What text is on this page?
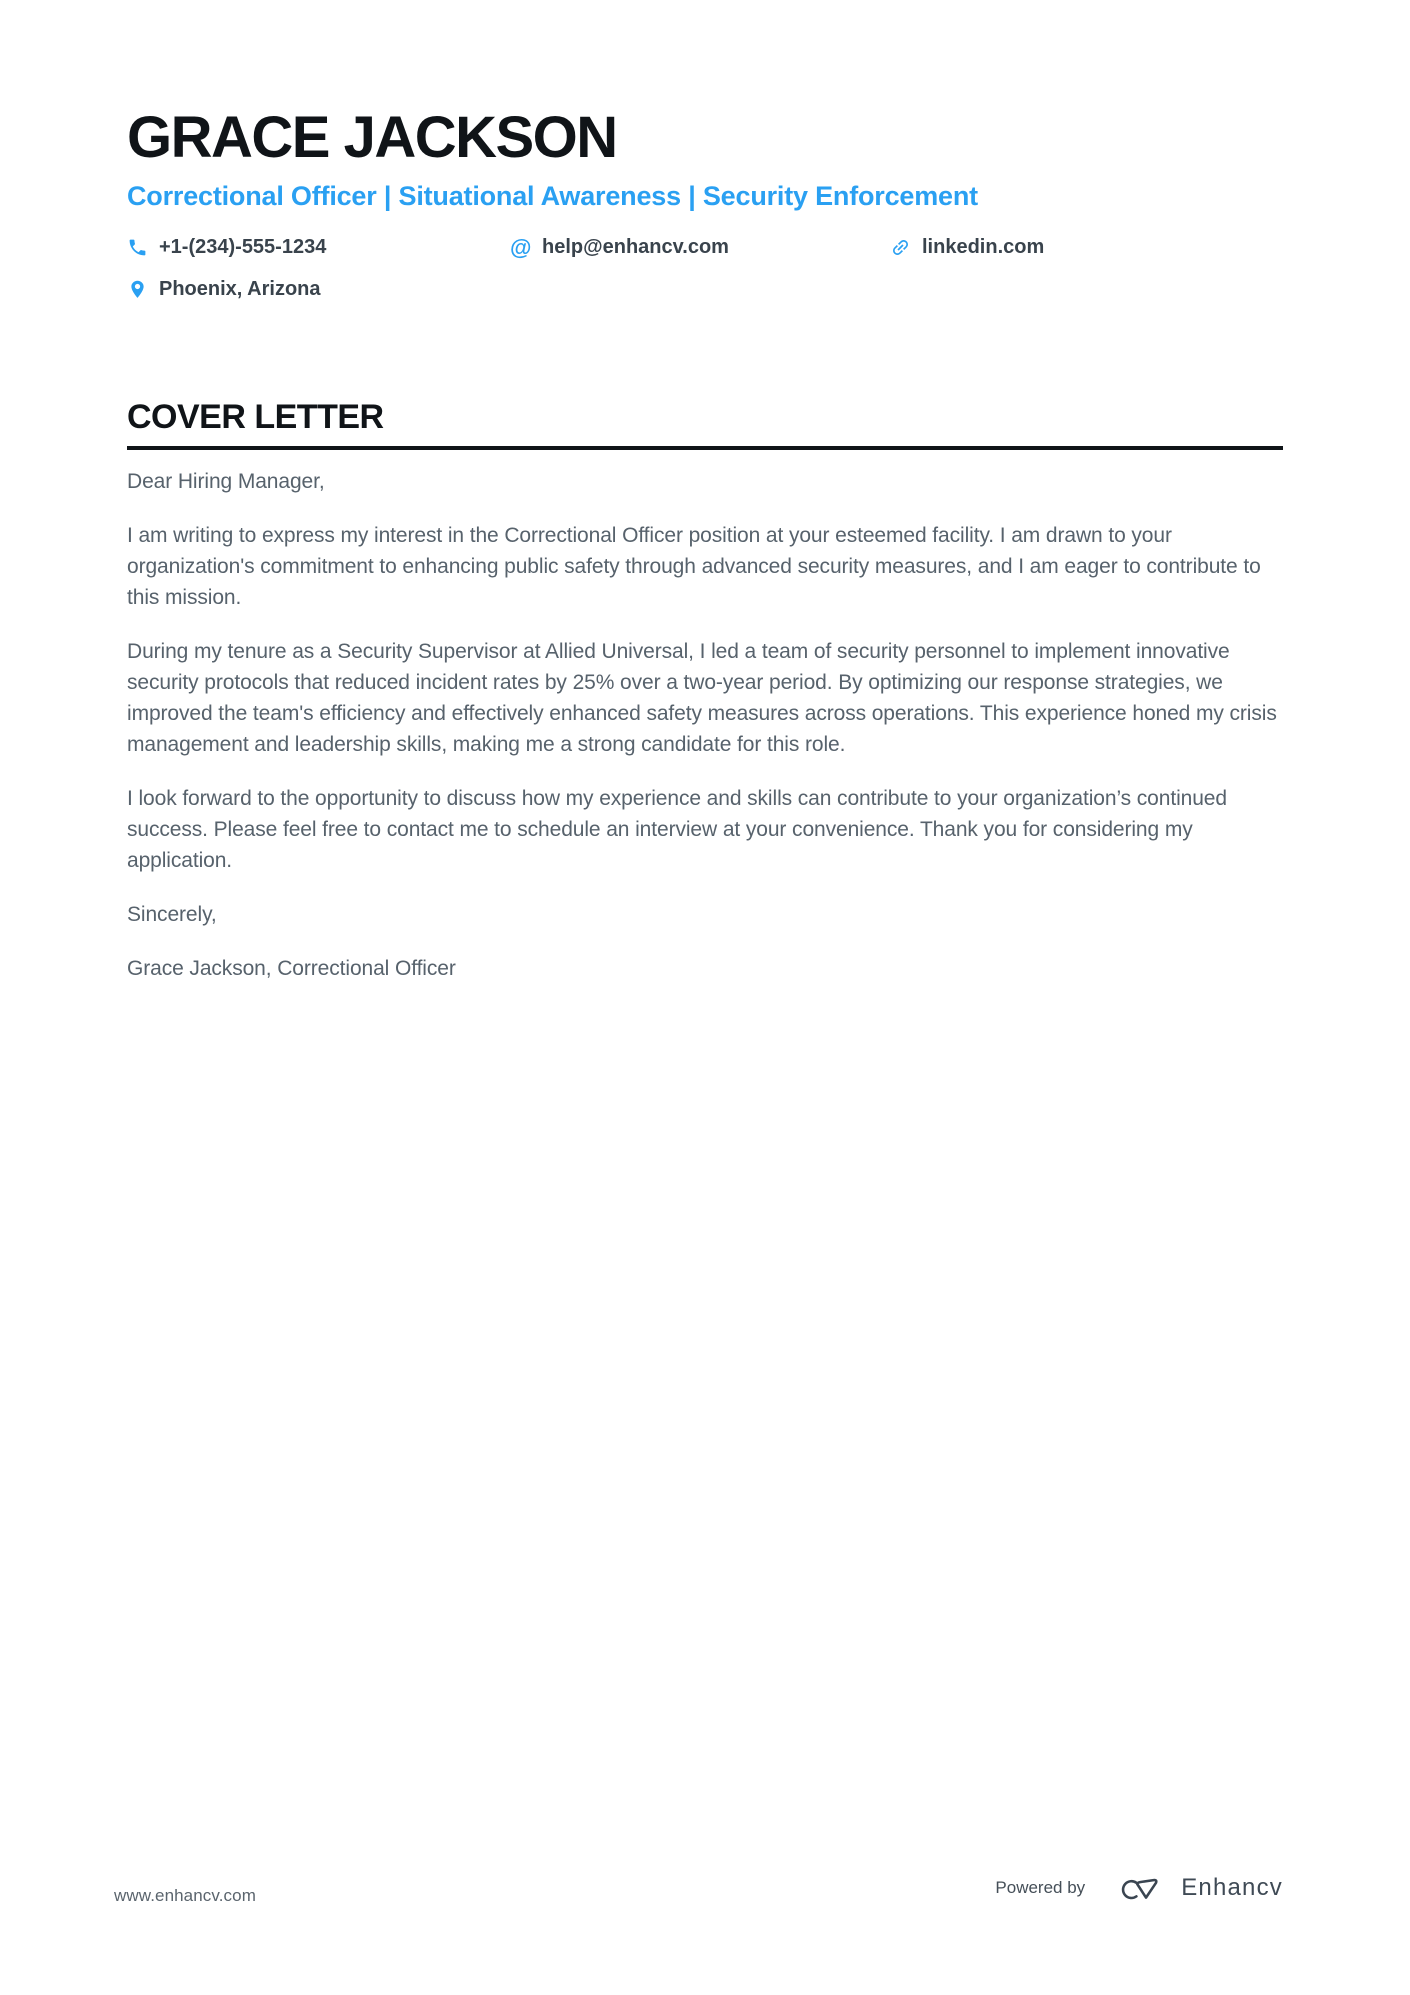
GRACE JACKSON
Correctional Officer | Situational Awareness | Security Enforcement
+1-(234)-555-1234	@ help@enhancv.com	linkedin.com
Phoenix, Arizona
COVER LETTER

Dear Hiring Manager,

I am writing to express my interest in the Correctional Officer position at your esteemed facility. I am drawn to your organization's commitment to enhancing public safety through advanced security measures, and I am eager to contribute to this mission.

During my tenure as a Security Supervisor at Allied Universal, I led a team of security personnel to implement innovative security protocols that reduced incident rates by 25% over a two-year period. By optimizing our response strategies, we improved the team's efficiency and effectively enhanced safety measures across operations. This experience honed my crisis management and leadership skills, making me a strong candidate for this role.

I look forward to the opportunity to discuss how my experience and skills can contribute to your organization’s continued success. Please feel free to contact me to schedule an interview at your convenience. Thank you for considering my application.

Sincerely,

Grace Jackson, Correctional Officer

www.enhancv.com	Powered by	Enhancv
